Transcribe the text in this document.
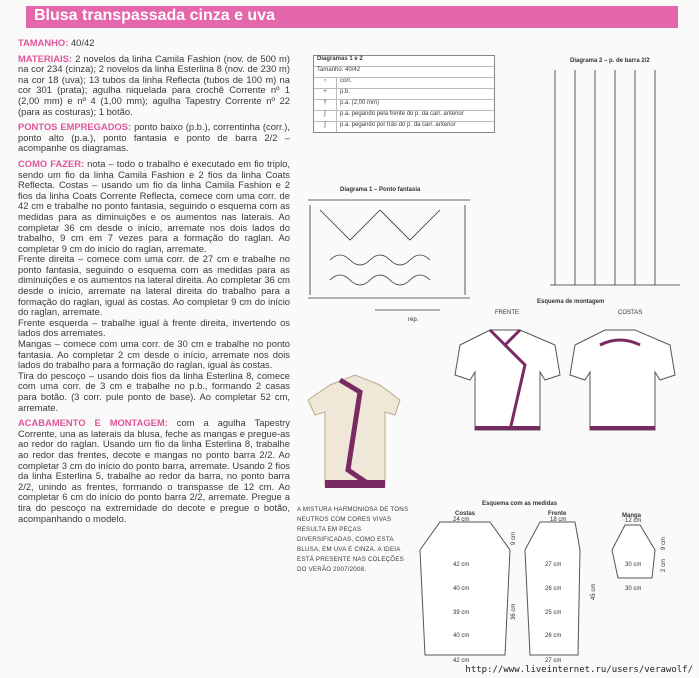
Blusa transpassada cinza e uva

TAMANHO: 40/42

MATERIAIS: 2 novelos da linha Camila Fashion (nov. de 500 m) na cor 234 (cinza); 2 novelos da linha Esterlina 8 (nov. de 230 m) na cor 18 (uva); 13 tubos da linha Reflecta (tubos de 100 m) na cor 301 (prata); agulha niquelada para crochê Corrente nº 1 (2,00 mm) e nº 4 (1,00 mm); agulha Tapestry Corrente nº 22 (para as costuras); 1 botão.

PONTOS EMPREGADOS: ponto baixo (p.b.), correntinha (corr.), ponto alto (p.a.), ponto fantasia e ponto de barra 2/2 – acompanhe os diagramas.

COMO FAZER: nota – todo o trabalho é executado em fio triplo, sendo um fio da linha Camila Fashion e 2 fios da linha Coats Reflecta. Costas – usando um fio da linha Camila Fashion e 2 fios da linha Coats Corrente Reflecta, comece com uma corr. de 42 cm e trabalhe no ponto fantasia, seguindo o esquema com as medidas para as diminuições e os aumentos nas laterais. Ao completar 36 cm desde o início, arremate nos dois lados do trabalho, 9 cm em 7 vezes para a formação do raglan. Ao completar 9 cm do início do raglan, arremate.

Frente direita – comece com uma corr. de 27 cm e trabalhe no ponto fantasia, seguindo o esquema com as medidas para as diminuições e os aumentos na lateral direita. Ao completar 36 cm desde o início, arremate na lateral direita do trabalho para a formação do raglan, igual às costas. Ao completar 9 cm do início do raglan, arremate.

Frente esquerda – trabalhe igual à frente direita, invertendo os lados dos arremates.

Mangas – comece com uma corr. de 30 cm e trabalhe no ponto fantasia. Ao completar 2 cm desde o início, arremate nos dois lados do trabalho para a formação do raglan, igual às costas.

Tira do pescoço – usando dois fios da linha Esterlina 8, comece com uma corr. de 3 cm e trabalhe no p.b., formando 2 casas para botão. (3 corr. pule ponto de base). Ao completar 52 cm, arremate.

ACABAMENTO E MONTAGEM: com a agulha Tapestry Corrente, una as laterais da blusa, feche as mangas e pregue-as ao redor do raglan. Usando um fio da linha Esterlina 8, trabalhe ao redor das frentes, decote e mangas no ponto barra 2/2. Ao completar 3 cm do início do ponto barra, arremate. Usando 2 fios da linha Esterlina 5, trabalhe ao redor da barra, no ponto barra 2/2, unindo as frentes, formando o transpasse de 12 cm. Ao completar 6 cm do início do ponto barra 2/2, arremate. Pregue a tira do pescoço na extremidade do decote e pregue o botão, acompanhando o modelo.

Diagramas 1 e 2
Tamanho: 40/42
○	corr.
+	p.b.
†	p.a. (2,00 mm)
∫	p.a. pegando pela frente do p. da carr. anterior
ʃ	p.a. pegando por trás do p. da carr. anterior
Diagrama 1 – Ponto fantasia
rep.
Diagrama 2 – p. de barra 2/2
Esquema de montagem
FRENTE	COSTAS
Esquema com as medidas
Costas	Frente	Manga
A MISTURA HARMONIOSA DE TONS NEUTROS COM CORES VIVAS RESULTA EM PEÇAS DIVERSIFICADAS, COMO ESTA BLUSA, EM UVA E CINZA. A IDEIA ESTÁ PRESENTE NAS COLEÇÕES DO VERÃO 2007/2008.
http://www.liveinternet.ru/users/verawolf/
24 cm
42 cm
40 cm
39 cm
40 cm
42 cm
18 cm
27 cm
26 cm
25 cm
26 cm
27 cm
12 cm
30 cm
30 cm
9 cm
36 cm
45 cm
9 cm
2 cm
